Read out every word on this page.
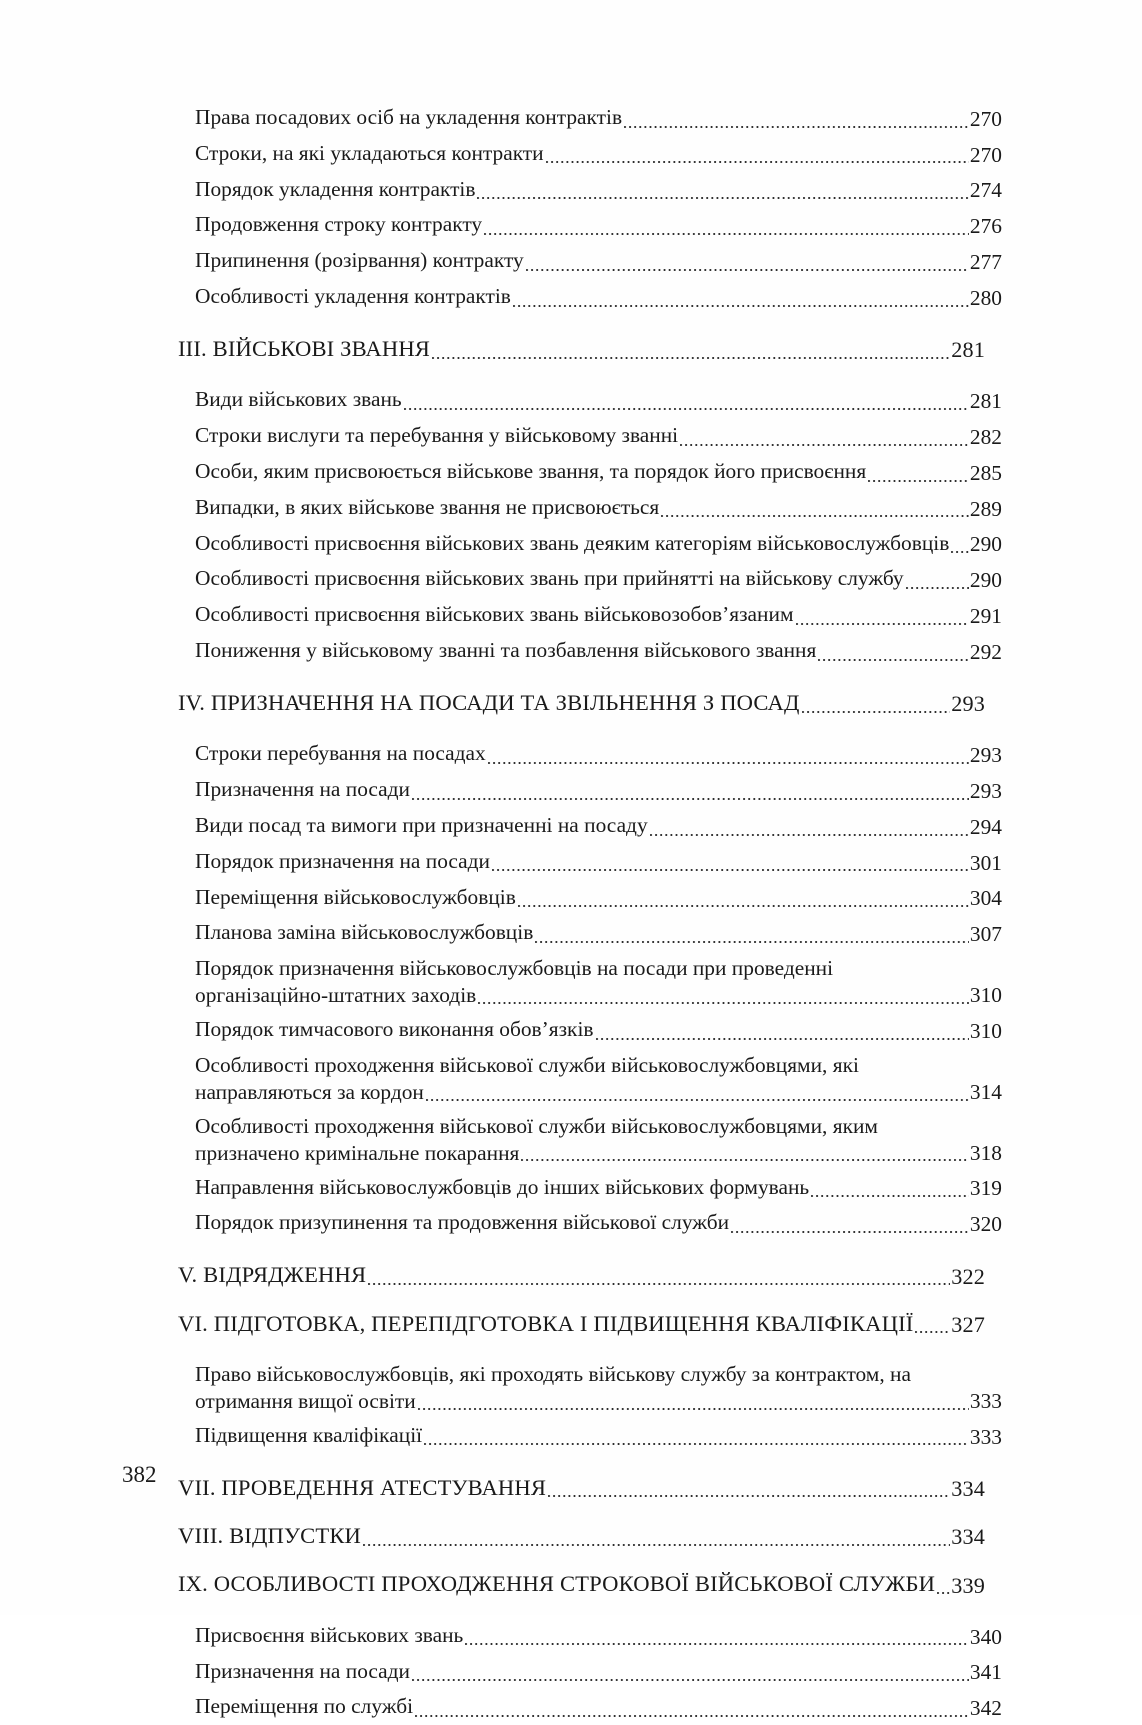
Права посадових осіб на укладення контрактів	270
Строки, на які укладаються контракти	270
Порядок укладення контрактів	274
Продовження строку контракту	276
Припинення (розірвання) контракту	277
Особливості укладення контрактів	280
III. ВІЙСЬКОВІ ЗВАННЯ	281
Види військових звань	281
Строки вислуги та перебування у військовому званні	282
Особи, яким присвоюється військове звання, та порядок його присвоєння	285
Випадки, в яких військове звання не присвоюється	289
Особливості присвоєння військових звань деяким категоріям військовослужбовців 290
Особливості присвоєння військових звань при прийнятті на військову службу	290
Особливості присвоєння військових звань військовозобов’язаним	291
Пониження у військовому званні та позбавлення військового звання	292
IV. ПРИЗНАЧЕННЯ НА ПОСАДИ ТА ЗВІЛЬНЕННЯ З ПОСАД	293
Строки перебування на посадах	293
Призначення на посади	293
Види посад та вимоги при призначенні на посаду	294
Порядок призначення на посади	301
Переміщення військовослужбовців	304
Планова заміна військовослужбовців	307
Порядок призначення військовослужбовців на посади при проведенні
організаційно-штатних заходів	310
Порядок тимчасового виконання обов’язків	310
Особливості проходження військової служби військовослужбовцями, які
направляються за кордон	314
Особливості проходження військової служби військовослужбовцями, яким
призначено кримінальне покарання	318
Направлення військовослужбовців до інших військових формувань	319
Порядок призупинення та продовження військової служби	320
V. ВІДРЯДЖЕННЯ	322
VI. ПІДГОТОВКА, ПЕРЕПІДГОТОВКА І ПІДВИЩЕННЯ КВАЛІФІКАЦІЇ 327
Право військовослужбовців, які проходять військову службу за контрактом, на
отримання вищої освіти	333
Підвищення кваліфікації	333
VII. ПРОВЕДЕННЯ АТЕСТУВАННЯ	334
VIII. ВІДПУСТКИ	334
IX. ОСОБЛИВОСТІ ПРОХОДЖЕННЯ СТРОКОВОЇ ВІЙСЬКОВОЇ СЛУЖБИ 339
Присвоєння військових звань	340
Призначення на посади	341
Переміщення по службі	342
382
